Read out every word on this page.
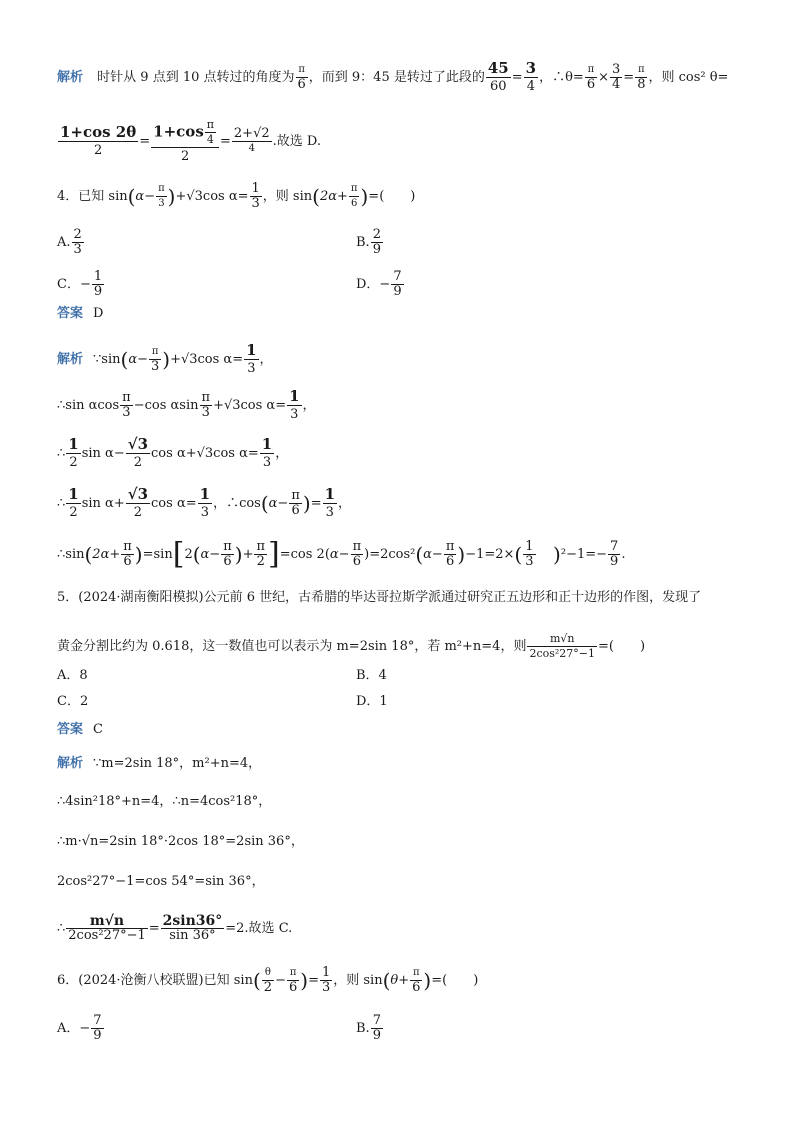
解析 时针从 9 点到 10 点转过的角度为
π
6 ，而到 9：45 是转过了此段的 $\frac{45}{60} = \frac{3}{4}$ ，∴θ=
π
$6 \times \frac{3}{4}$ =
π
8 ，则 cos² θ=
$\frac{1+\cos 2\theta}{2} = \frac{1+\cos \frac{\pi}{4}}{2}$ =
2+√2
4	.故选 D.
4．已知 $\sin(\alpha- \frac{\pi}{3} )+√3\cos$ $\alpha= \frac{1}{3}$ ，则 $\sin(2\alpha+ \frac{\pi}{6}$ )=(　　)
A. $\frac{2}{3}$	B. $\frac{2}{9}$
C．− $\frac{1}{9}$	D．− $\frac{7}{9}$
答案 D
解析 ∵sin(α−
π
3 )+√3cos $\alpha= \frac{1}{3}$ ，
∴sin αcos $\frac{\pi}{3} -\cos$ αsin $\frac{\pi}{3} +√3\cos$ $\alpha= \frac{1}{3}$ ，
∴ $\frac{1}{2}$ $\sin \alpha- \frac{√3}{2}$ cos α+√3cos $\alpha= \frac{1}{3}$ ，
∴ $\frac{1}{2}$ $\sin \alpha+ \frac{√3}{2}$ $\cos \alpha= \frac{1}{3}$ ，∴cos(α− $\frac{\pi}{6}$ )= $\frac{1}{3}$ ，
∴sin(2α+ $\frac{\pi}{6} )=\sin[2(\alpha- \frac{\pi}{6}$ )+ $\frac{\pi}{2} ]=\cos$ $2(\alpha- \frac{\pi}{6} )=2\cos^2(\alpha- \frac{\pi}{6} )-1=2\times( \frac{1}{3} )^2-1=- \frac{7}{9}$ .
5．(2024·湖南衡阳模拟)公元前 6 世纪，古希腊的毕达哥拉斯学派通过研究正五边形和正十边形的作图，发现了
黄金分割比约为 0.618，这一数值也可以表示为 m=2sin 18°，若 m²+n=4，则 $\frac{m√n}{\text{2cos²27°−1}}$ =(　　)
A．8	B．4
C．2	D．1
答案 C
解析 ∵m=2sin 18°，m²+n=4，
∴4sin²18°+n=4，∴n=4cos²18°，
∴m·√n=2sin 18°·2cos 18°=2sin 36°，
2cos²27°−1=cos 54°=sin 36°，
∴ $\frac{m√n}{\text{2cos²27°−1}} = \frac{2\sin 36^\circ}{\sin 36^\circ} =2$.故选 C.
6．(2024·沧衡八校联盟)已知 sin( θ
2 −
π
6 )= $\frac{1}{3}$ ，则 sin(θ+
π
6 )=(　　)
A．− $\frac{7}{9}$	B. $\frac{7}{9}$
